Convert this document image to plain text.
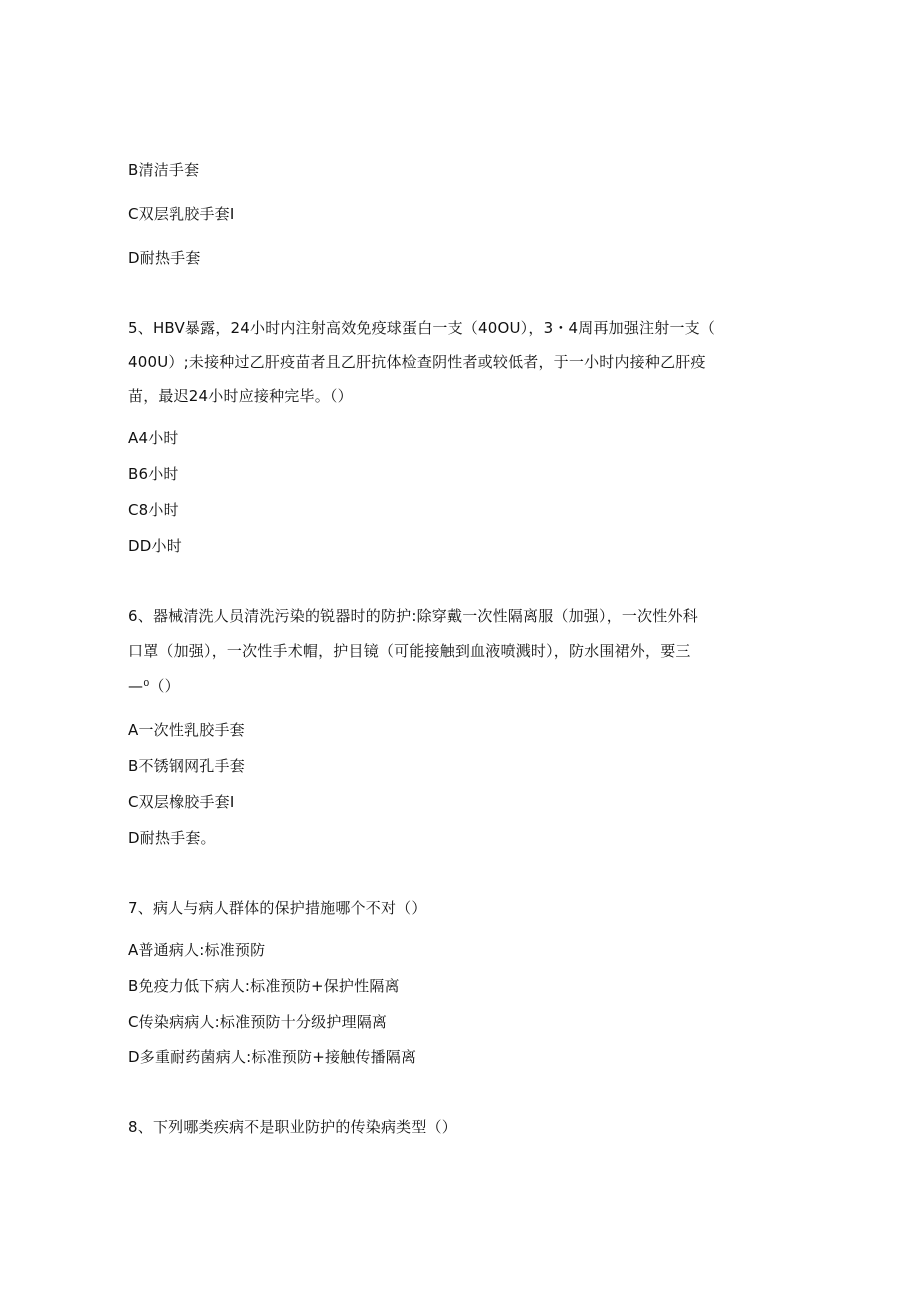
B清洁手套

C双层乳胶手套I

D耐热手套

5、HBV暴露，24小时内注射高效免疫球蛋白一支（40OU），3・4周再加强注射一支（

400U）;未接种过乙肝疫苗者且乙肝抗体检查阴性者或较低者，于一小时内接种乙肝疫

苗，最迟24小时应接种完毕。（）

A4小时

B6小时

C8小时

DD小时

6、器械清洗人员清洗污染的锐器时的防护:除穿戴一次性隔离服（加强），一次性外科

口罩（加强），一次性手术帽，护目镜（可能接触到血液喷溅时），防水围裙外，要三

—⁰（）

A一次性乳胶手套

B不锈钢网孔手套

C双层橡胶手套I

D耐热手套。

7、病人与病人群体的保护措施哪个不对（）

A普通病人:标准预防

B免疫力低下病人:标准预防+保护性隔离

C传染病病人:标准预防十分级护理隔离

D多重耐药菌病人:标准预防+接触传播隔离

8、下列哪类疾病不是职业防护的传染病类型（）
